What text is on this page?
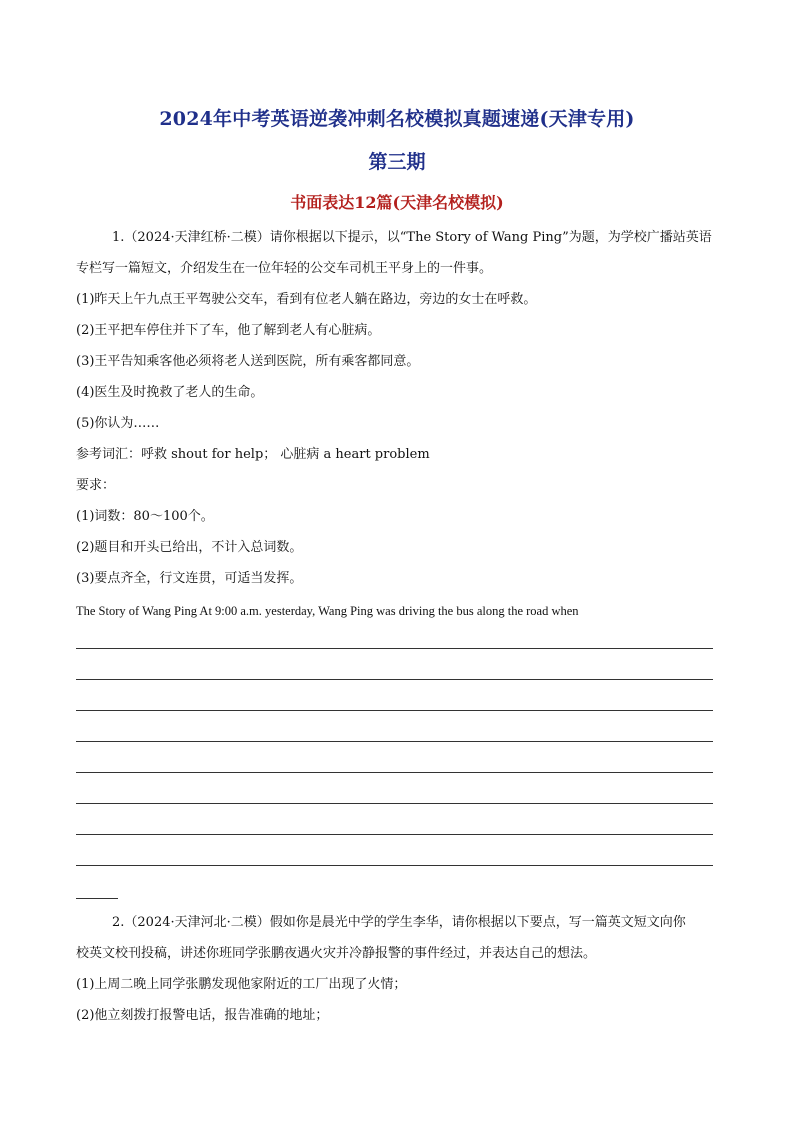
2024年中考英语逆袭冲刺名校模拟真题速递(天津专用)
第三期
书面表达12篇(天津名校模拟)
1.（2024·天津红桥·二模）请你根据以下提示，以“The Story of Wang Ping”为题，为学校广播站英语
专栏写一篇短文，介绍发生在一位年轻的公交车司机王平身上的一件事。
(1)昨天上午九点王平驾驶公交车，看到有位老人躺在路边，旁边的女士在呼救。
(2)王平把车停住并下了车，他了解到老人有心脏病。
(3)王平告知乘客他必须将老人送到医院，所有乘客都同意。
(4)医生及时挽救了老人的生命。
(5)你认为……
参考词汇：呼救 shout for help； 心脏病 a heart problem
要求：
(1)词数：80～100个。
(2)题目和开头已给出，不计入总词数。
(3)要点齐全，行文连贯，可适当发挥。
The Story of Wang Ping At 9:00 a.m. yesterday, Wang Ping was driving the bus along the road when
2.（2024·天津河北·二模）假如你是晨光中学的学生李华，请你根据以下要点，写一篇英文短文向你
校英文校刊投稿，讲述你班同学张鹏夜遇火灾并冷静报警的事件经过，并表达自己的想法。
(1)上周二晚上同学张鹏发现他家附近的工厂出现了火情；
(2)他立刻拨打报警电话，报告准确的地址；
